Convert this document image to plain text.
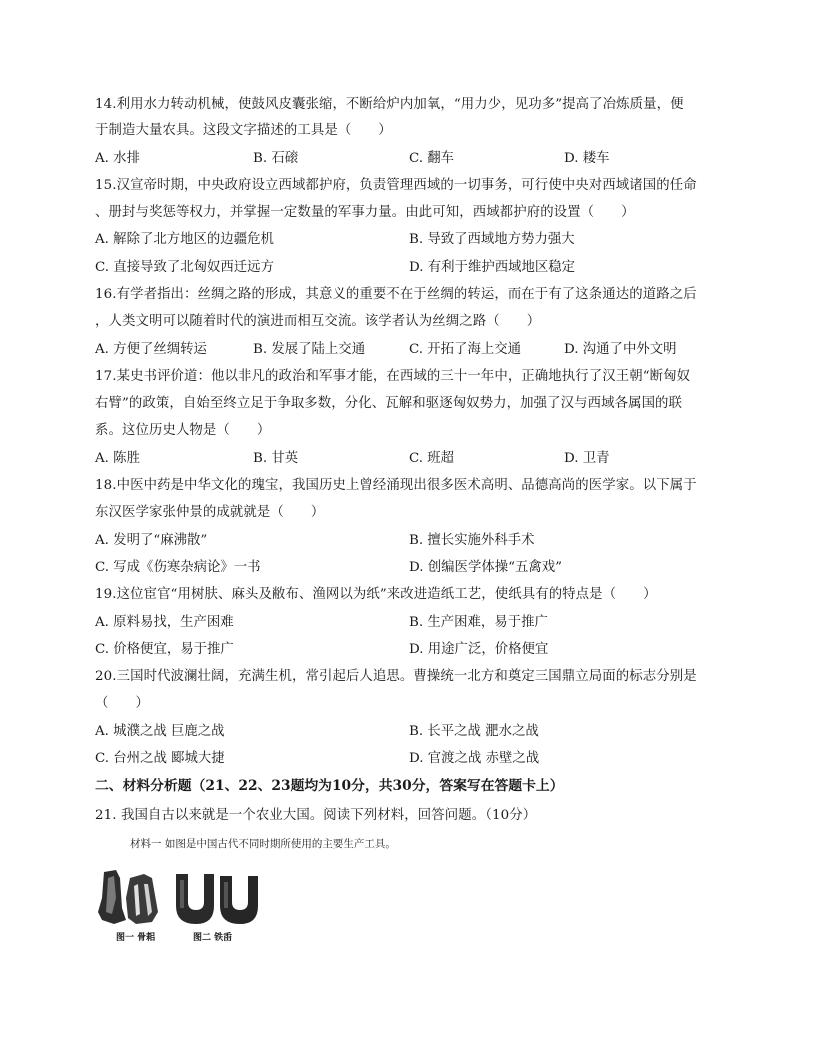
14.利用水力转动机械，使鼓风皮囊张缩，不断给炉内加氧，“用力少，见功多”提高了冶炼质量，便
于制造大量农具。这段文字描述的工具是（　　）
A. 水排	B. 石磙	C. 翻车	D. 耧车
15.汉宣帝时期，中央政府设立西域都护府，负责管理西域的一切事务，可行使中央对西域诸国的任命
、册封与奖惩等权力，并掌握一定数量的军事力量。由此可知，西域都护府的设置（　　）
A. 解除了北方地区的边疆危机	B. 导致了西域地方势力强大
C. 直接导致了北匈奴西迁远方	D. 有利于维护西域地区稳定
16.有学者指出：丝绸之路的形成，其意义的重要不在于丝绸的转运，而在于有了这条通达的道路之后
，人类文明可以随着时代的演进而相互交流。该学者认为丝绸之路（　　）
A. 方便了丝绸转运	B. 发展了陆上交通	C. 开拓了海上交通	D. 沟通了中外文明
17.某史书评价道：他以非凡的政治和军事才能，在西域的三十一年中，正确地执行了汉王朝“断匈奴
右臂”的政策，自始至终立足于争取多数，分化、瓦解和驱逐匈奴势力，加强了汉与西域各属国的联
系。这位历史人物是（　　）
A. 陈胜	B. 甘英	C. 班超	D. 卫青
18.中医中药是中华文化的瑰宝，我国历史上曾经涌现出很多医术高明、品德高尚的医学家。以下属于
东汉医学家张仲景的成就就是（　　）
A. 发明了“麻沸散”	B. 擅长实施外科手术
C. 写成《伤寒杂病论》一书	D. 创编医学体操“五禽戏”
19.这位宦官“用树肤、麻头及敝布、渔网以为纸”来改进造纸工艺，使纸具有的特点是（　　）
A. 原料易找，生产困难	B. 生产困难，易于推广
C. 价格便宜，易于推广	D. 用途广泛，价格便宜
20.三国时代波澜壮阔，充满生机，常引起后人追思。曹操统一北方和奠定三国鼎立局面的标志分别是
（　　）
A. 城濮之战 巨鹿之战	B. 长平之战 淝水之战
C. 台州之战 郾城大捷	D. 官渡之战 赤壁之战
二、材料分析题（21、22、23题均为10分，共30分，答案写在答题卡上）
21. 我国自古以来就是一个农业大国。阅读下列材料，回答问题。（10分）
材料一 如图是中国古代不同时期所使用的主要生产工具。
图一 骨耜	图二 铁臿
